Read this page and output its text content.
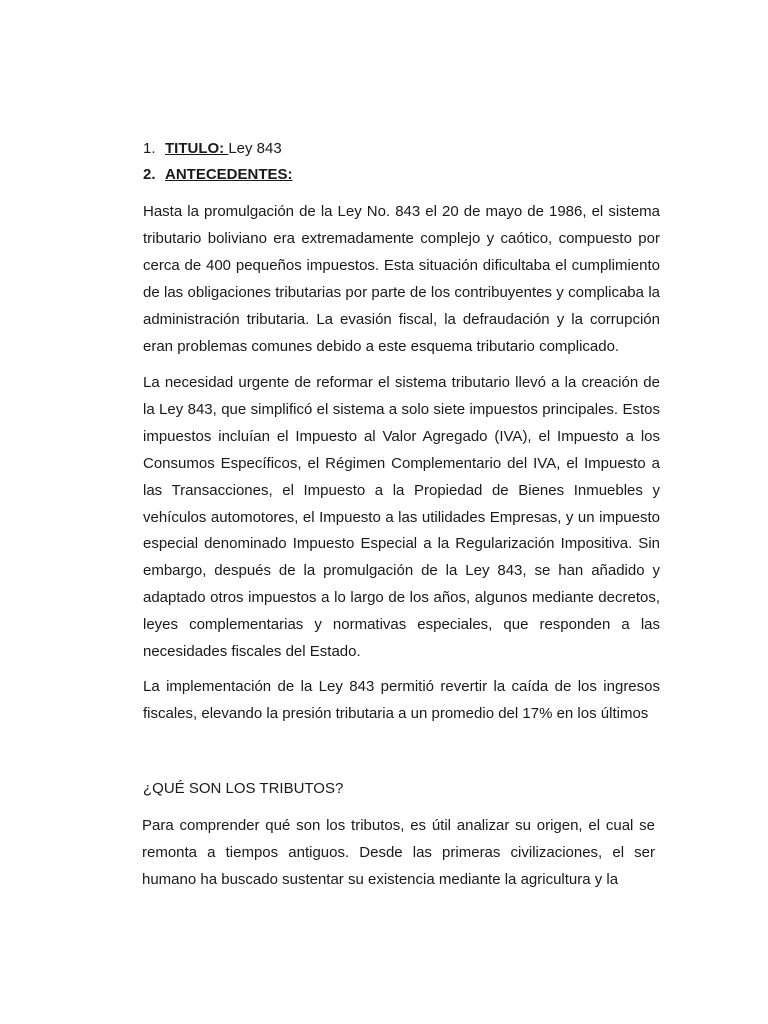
1. TITULO: Ley 843
2. ANTECEDENTES:

Hasta la promulgación de la Ley No. 843 el 20 de mayo de 1986, el sistema tributario boliviano era extremadamente complejo y caótico, compuesto por cerca de 400 pequeños impuestos. Esta situación dificultaba el cumplimiento de las obligaciones tributarias por parte de los contribuyentes y complicaba la administración tributaria. La evasión fiscal, la defraudación y la corrupción eran problemas comunes debido a este esquema tributario complicado.

La necesidad urgente de reformar el sistema tributario llevó a la creación de la Ley 843, que simplificó el sistema a solo siete impuestos principales. Estos impuestos incluían el Impuesto al Valor Agregado (IVA), el Impuesto a los Consumos Específicos, el Régimen Complementario del IVA, el Impuesto a las Transacciones, el Impuesto a la Propiedad de Bienes Inmuebles y vehículos automotores, el Impuesto a las utilidades Empresas, y un impuesto especial denominado Impuesto Especial a la Regularización Impositiva. Sin embargo, después de la promulgación de la Ley 843, se han añadido y adaptado otros impuestos a lo largo de los años, algunos mediante decretos, leyes complementarias y normativas especiales, que responden a las necesidades fiscales del Estado.

La implementación de la Ley 843 permitió revertir la caída de los ingresos fiscales, elevando la presión tributaria a un promedio del 17% en los últimos

¿QUÉ SON LOS TRIBUTOS?

Para comprender qué son los tributos, es útil analizar su origen, el cual se remonta a tiempos antiguos. Desde las primeras civilizaciones, el ser humano ha buscado sustentar su existencia mediante la agricultura y la
